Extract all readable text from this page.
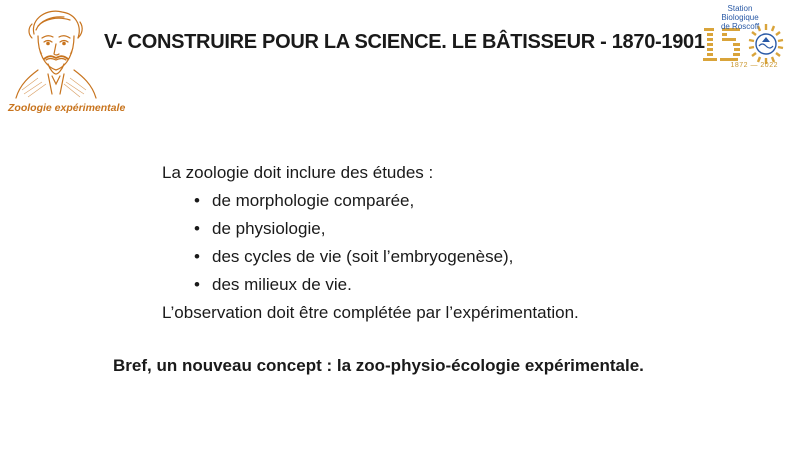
Zoologie expérimentale
V- CONSTRUIRE POUR LA SCIENCE. LE BÂTISSEUR - 1870-1901
Station Biologique
de Roscoff
1872 — 2022

La zoologie doit inclure des études :

• de morphologie comparée,
• de physiologie,
• des cycles de vie (soit l’embryogenèse),
• des milieux de vie.

L’observation doit être complétée par l’expérimentation.

Bref, un nouveau concept : la zoo-physio-écologie expérimentale.
